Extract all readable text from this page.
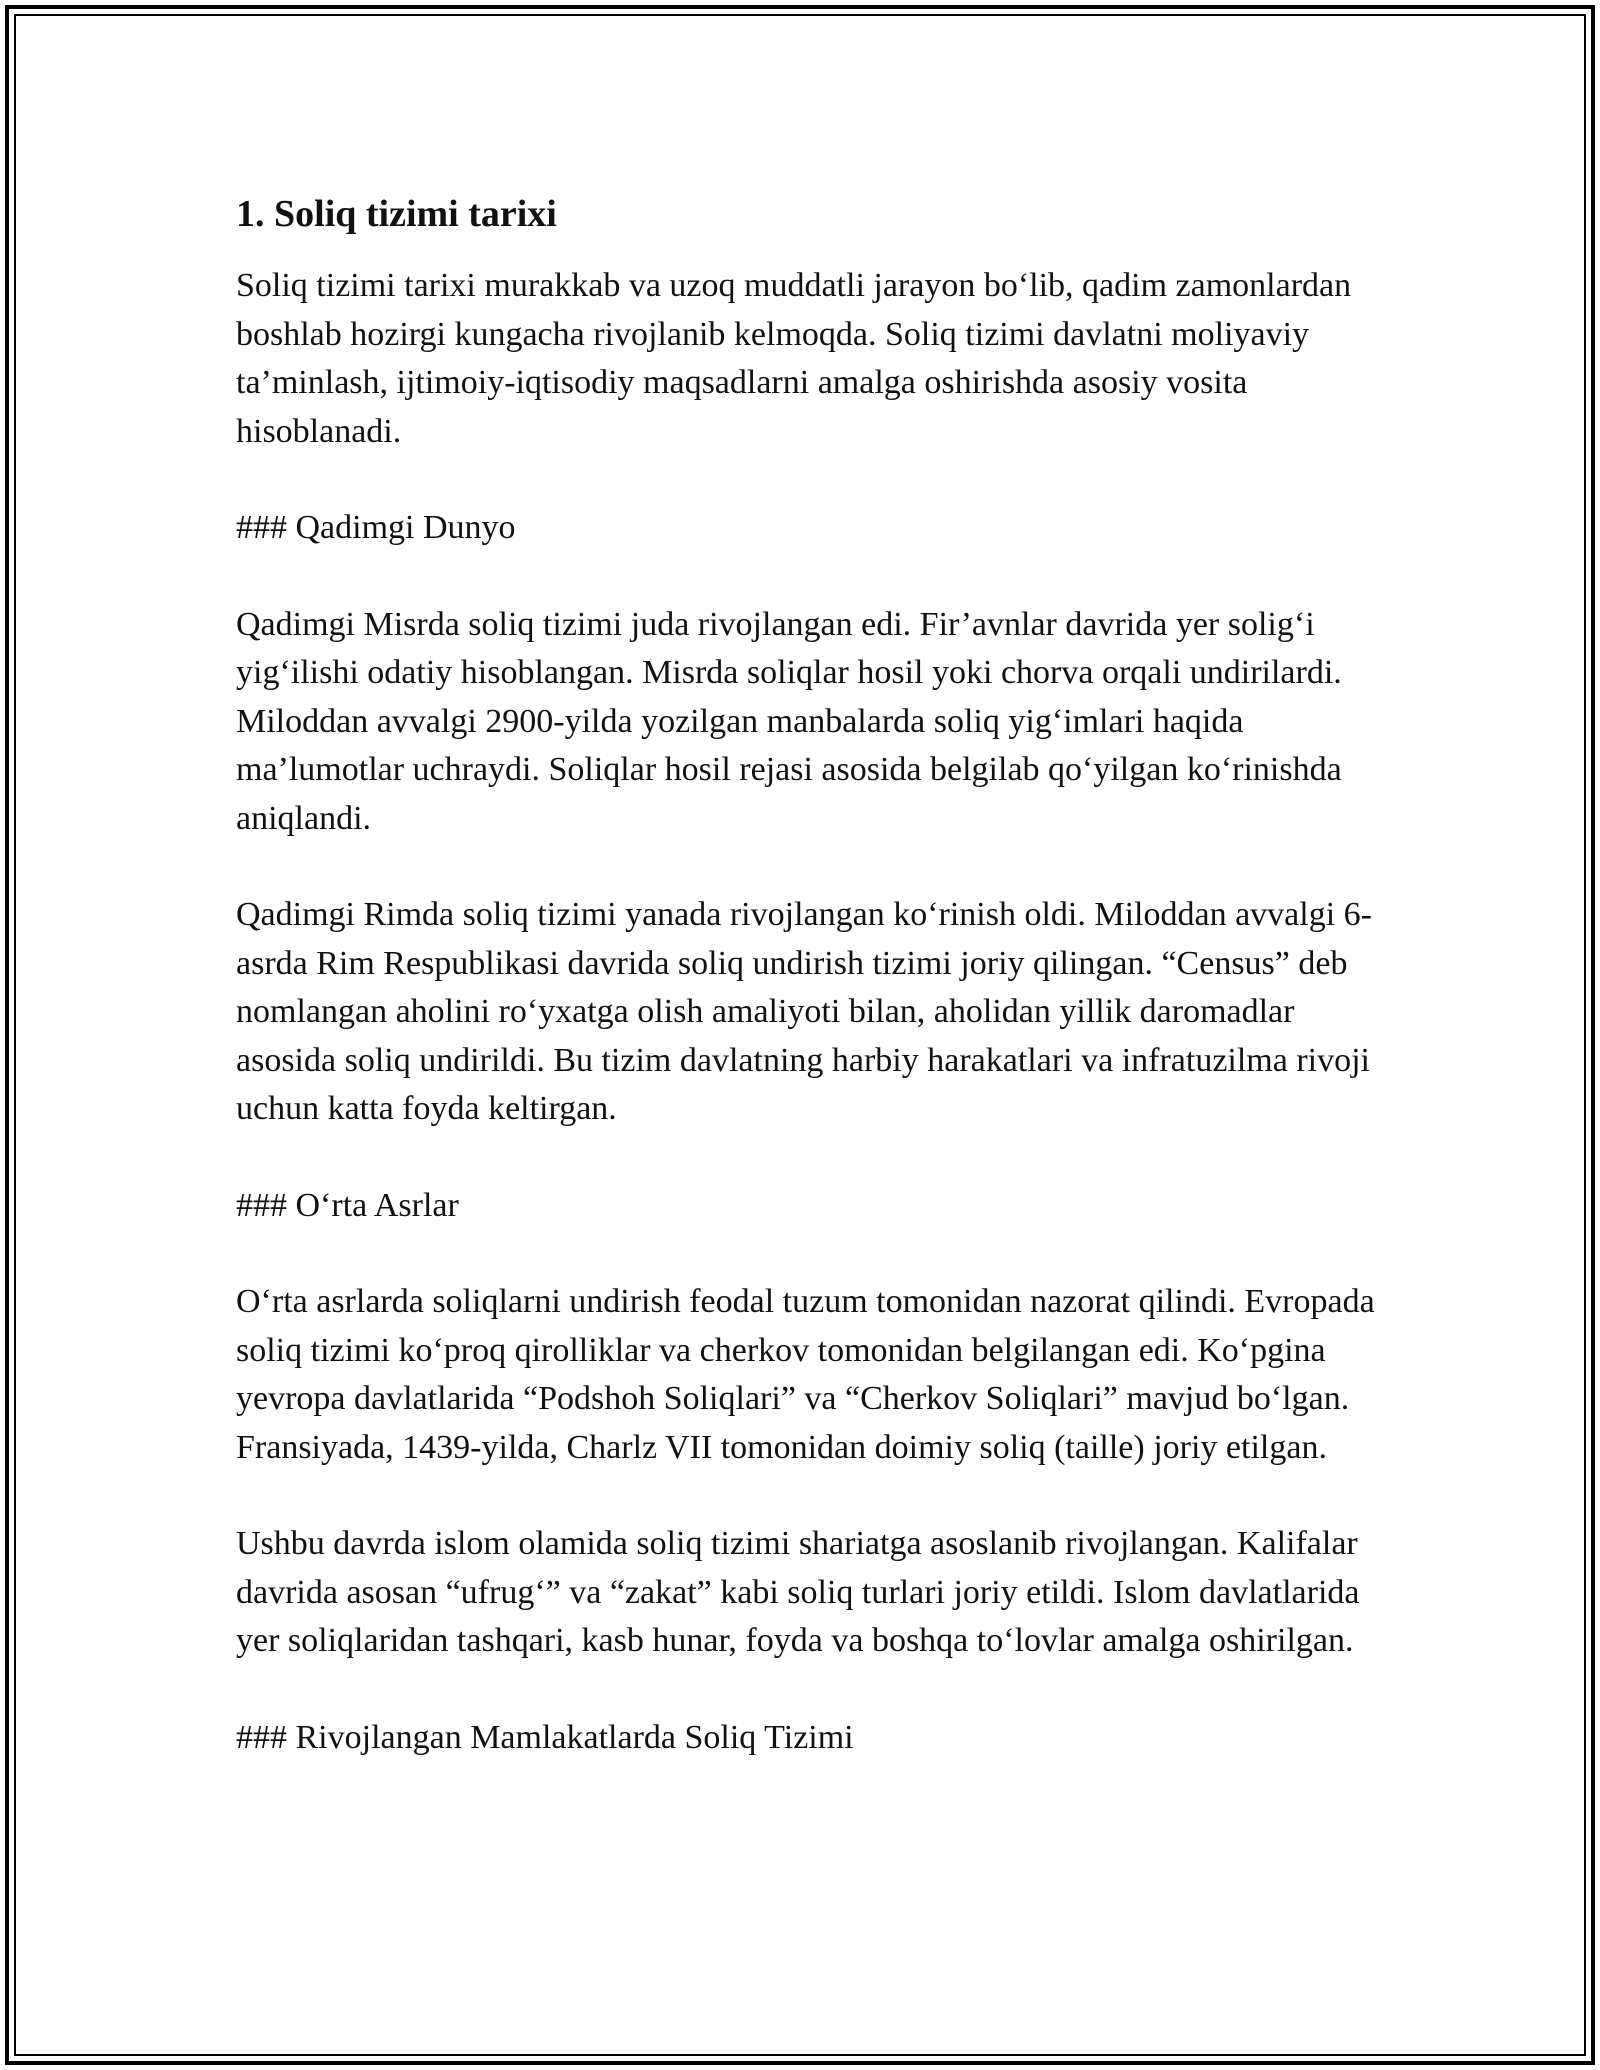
1. Soliq tizimi tarixi

Soliq tizimi tarixi murakkab va uzoq muddatli jarayon bo‘lib, qadim zamonlardan boshlab hozirgi kungacha rivojlanib kelmoqda. Soliq tizimi davlatni moliyaviy ta’minlash, ijtimoiy-iqtisodiy maqsadlarni amalga oshirishda asosiy vosita hisoblanadi.

### Qadimgi Dunyo

Qadimgi Misrda soliq tizimi juda rivojlangan edi. Fir’avnlar davrida yer solig‘i yig‘ilishi odatiy hisoblangan. Misrda soliqlar hosil yoki chorva orqali undirilardi. Miloddan avvalgi 2900-yilda yozilgan manbalarda soliq yig‘imlari haqida ma’lumotlar uchraydi. Soliqlar hosil rejasi asosida belgilab qo‘yilgan ko‘rinishda aniqlandi.

Qadimgi Rimda soliq tizimi yanada rivojlangan ko‘rinish oldi. Miloddan avvalgi 6-asrda Rim Respublikasi davrida soliq undirish tizimi joriy qilingan. “Census” deb nomlangan aholini ro‘yxatga olish amaliyoti bilan, aholidan yillik daromadlar asosida soliq undirildi. Bu tizim davlatning harbiy harakatlari va infratuzilma rivoji uchun katta foyda keltirgan.

### O‘rta Asrlar

O‘rta asrlarda soliqlarni undirish feodal tuzum tomonidan nazorat qilindi. Evropada soliq tizimi ko‘proq qirolliklar va cherkov tomonidan belgilangan edi. Ko‘pgina yevropa davlatlarida “Podshoh Soliqlari” va “Cherkov Soliqlari” mavjud bo‘lgan. Fransiyada, 1439-yilda, Charlz VII tomonidan doimiy soliq (taille) joriy etilgan.

Ushbu davrda islom olamida soliq tizimi shariatga asoslanib rivojlangan. Kalifalar davrida asosan “ufrug‘” va “zakat” kabi soliq turlari joriy etildi. Islom davlatlarida yer soliqlaridan tashqari, kasb hunar, foyda va boshqa to‘lovlar amalga oshirilgan.

### Rivojlangan Mamlakatlarda Soliq Tizimi
